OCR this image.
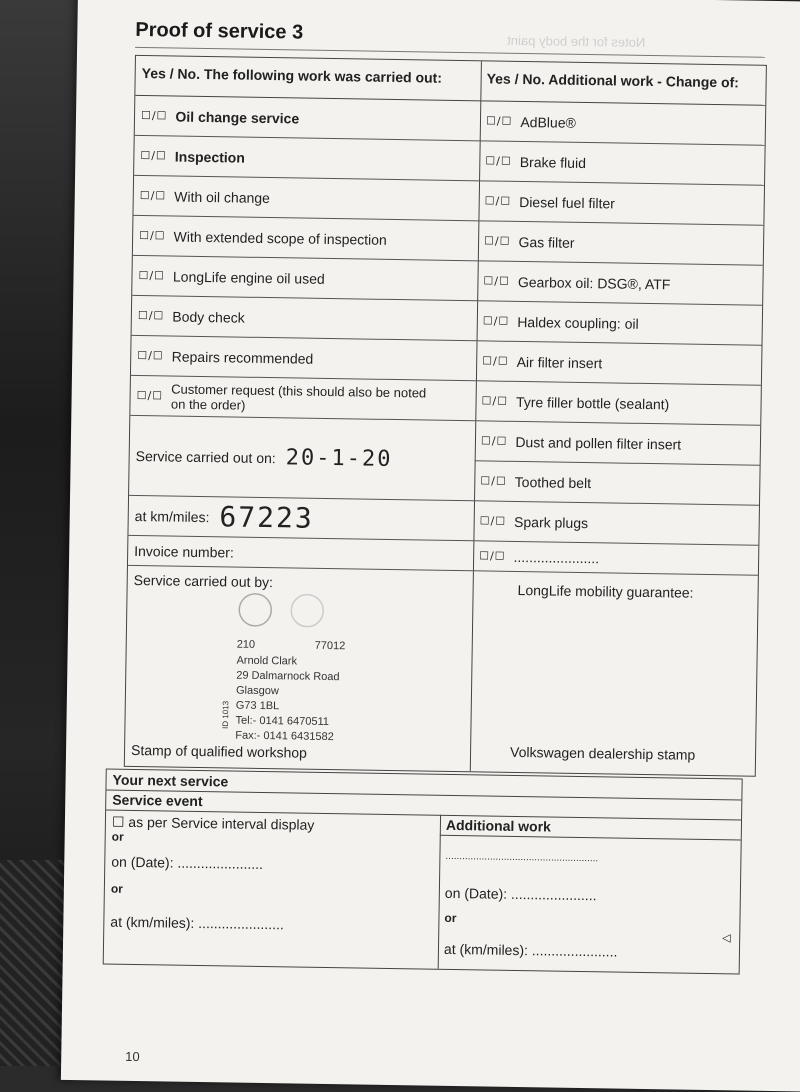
Proof of service 3	Notes for the body paint
Yes / No. The following work was carried out:
☐/☐ Oil change service
☐/☐ Inspection
☐/☐ With oil change
☐/☐ With extended scope of inspection
☐/☐ LongLife engine oil used
☐/☐ Body check
☐/☐ Repairs recommended
☐/☐ Customer request (this should also be noted on the order)
Service carried out on: 20-1-20
at km/miles: 67223
Invoice number:
Service carried out by:
210	77012
Arnold Clark
29 Dalmarnock Road
Glasgow
G73 1BL
Tel:- 0141 6470511
Fax:- 0141 6431582
ID 1013
Stamp of qualified workshop
Yes / No. Additional work - Change of:
☐/☐ AdBlue®
☐/☐ Brake fluid
☐/☐ Diesel fuel filter
☐/☐ Gas filter
☐/☐ Gearbox oil: DSG®, ATF
☐/☐ Haldex coupling: oil
☐/☐ Air filter insert
☐/☐ Tyre filler bottle (sealant)
☐/☐ Dust and pollen filter insert
☐/☐ Toothed belt
☐/☐ Spark plugs
☐/☐ ......................
LongLife mobility guarantee:
Volkswagen dealership stamp
Your next service
Service event
☐ as per Service interval display
or
on (Date): ......................
or
at (km/miles): ......................
Additional work
.......................................................
on (Date): ......................
or
at (km/miles): ......................
◁
10
